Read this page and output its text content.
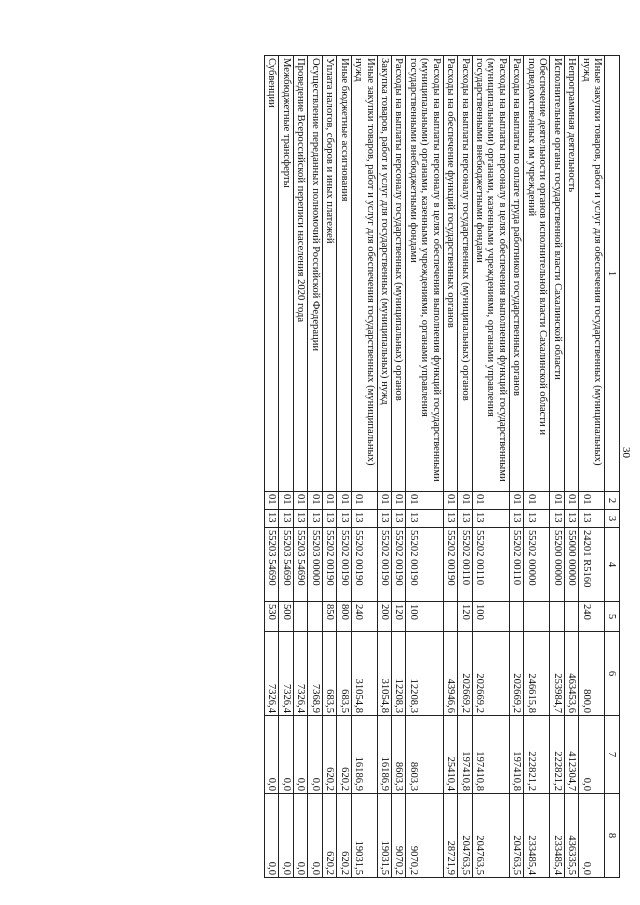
30
1	2	3	4	5	6	7	8
Иные закупки товаров, работ и услуг для обеспечения государственных (муниципальных) нужд	01	13	24201 R5160	240	800,0	0,0	0,0
Непрограммная деятельность	01	13	55000 00000		463453,6	412304,7	436335,5
Исполнительные органы государственной власти Сахалинской области	01	13	55200 00000		253984,7	222821,2	233485,4
Обеспечение деятельности органов исполнительной власти Сахалинской области и подведомственных им учреждений	01	13	55202 00000		246615,8	222821,2	233485,4
Расходы на выплаты по оплате труда работников государственных органов	01	13	55202 00110		202669,2	197410,8	204763,5
Расходы на выплаты персоналу в целях обеспечения выполнения функций государственными (муниципальными) органами, казенными учреждениями, органами управления государственными внебюджетными фондами	01	13	55202 00110	100	202669,2	197410,8	204763,5
Расходы на выплаты персоналу государственных (муниципальных) органов	01	13	55202 00110	120	202669,2	197410,8	204763,5
Расходы на обеспечение функций государственных органов	01	13	55202 00190		43946,6	25410,4	28721,9
Расходы на выплаты персоналу в целях обеспечения выполнения функций государственными (муниципальными) органами, казенными учреждениями, органами управления государственными внебюджетными фондами	01	13	55202 00190	100	12208,3	8603,3	9070,2
Расходы на выплаты персоналу государственных (муниципальных) органов	01	13	55202 00190	120	12208,3	8603,3	9070,2
Закупка товаров, работ и услуг для государственных (муниципальных) нужд	01	13	55202 00190	200	31054,8	16186,9	19031,5
Иные закупки товаров, работ и услуг для обеспечения государственных (муниципальных) нужд	01	13	55202 00190	240	31054,8	16186,9	19031,5
Иные бюджетные ассигнования	01	13	55202 00190	800	683,5	620,2	620,2
Уплата налогов, сборов и иных платежей	01	13	55202 00190	850	683,5	620,2	620,2
Осуществление переданных полномочий Российской Федерации	01	13	55203 00000		7368,9	0,0	0,0
Проведение Всероссийской переписи населения 2020 года	01	13	55203 54690		7326,4	0,0	0,0
Межбюджетные трансферты	01	13	55203 54690	500	7326,4	0,0	0,0
Субвенции	01	13	55203 54690	530	7326,4	0,0	0,0
